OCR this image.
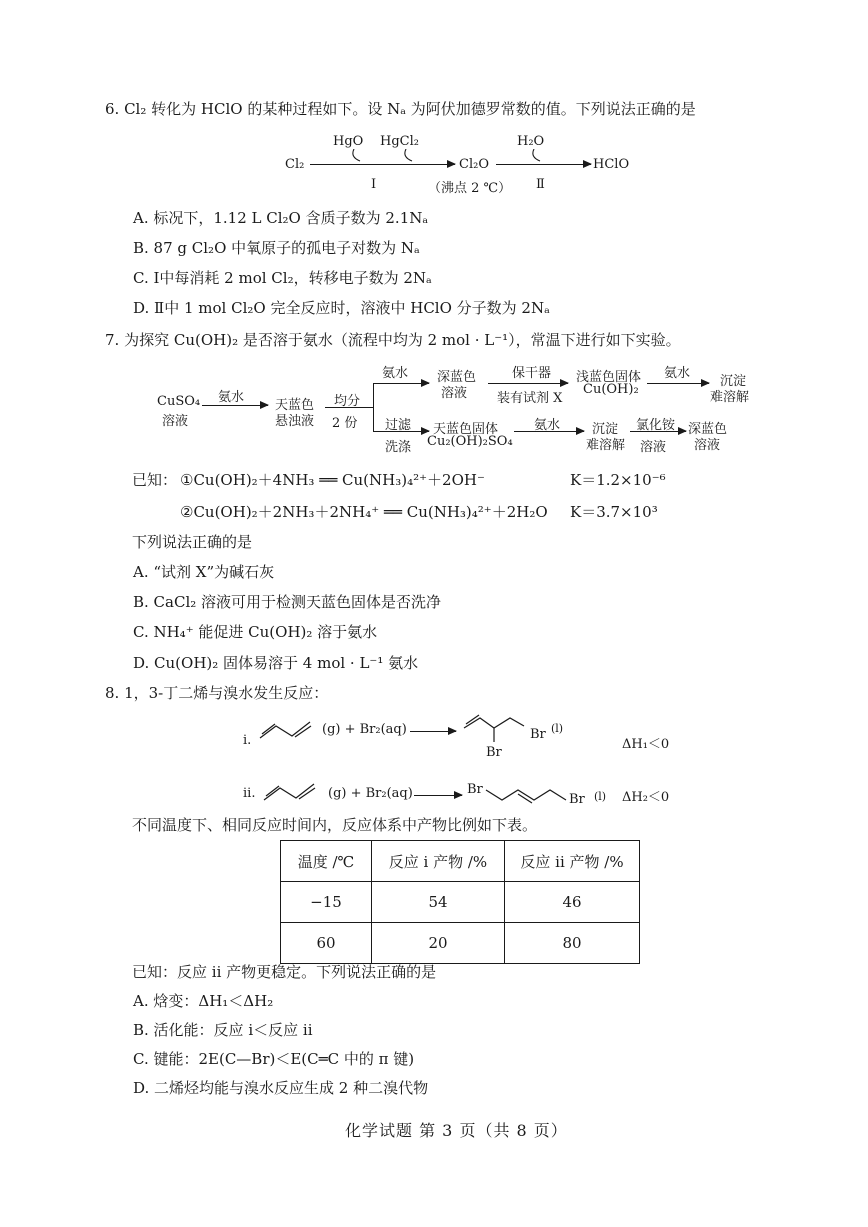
6. Cl₂ 转化为 HClO 的某种过程如下。设 Nₐ 为阿伏加德罗常数的值。下列说法正确的是
Cl₂
HgO HgCl₂
Ⅰ
Cl₂O
（沸点 2 ℃）
H₂O
Ⅱ
HClO
A. 标况下，1.12 L Cl₂O 含质子数为 2.1Nₐ
B. 87 g Cl₂O 中氧原子的孤电子对数为 Nₐ
C. Ⅰ中每消耗 2 mol Cl₂，转移电子数为 2Nₐ
D. Ⅱ中 1 mol Cl₂O 完全反应时，溶液中 HClO 分子数为 2Nₐ
7. 为探究 Cu(OH)₂ 是否溶于氨水（流程中均为 2 mol · L⁻¹），常温下进行如下实验。
CuSO₄
溶液
氨水
天蓝色
悬浊液
均分
2 份
氨水 深蓝色
溶液
保干器
装有试剂 X
浅蓝色固体
Cu(OH)₂
氨水
沉淀
难溶解
过滤
洗涤
天蓝色固体
Cu₂(OH)₂SO₄
氨水 沉淀
难溶解
氯化铵
溶液
深蓝色
溶液
已知： ①Cu(OH)₂＋4NH₃ ══ Cu(NH₃)₄²⁺＋2OH⁻	K＝1.2×10⁻⁶
②Cu(OH)₂＋2NH₃＋2NH₄⁺ ══ Cu(NH₃)₄²⁺＋2H₂O K＝3.7×10³
下列说法正确的是
A. “试剂 X”为碱石灰
B. CaCl₂ 溶液可用于检测天蓝色固体是否洗净
C. NH₄⁺ 能促进 Cu(OH)₂ 溶于氨水
D. Cu(OH)₂ 固体易溶于 4 mol · L⁻¹ 氨水
8. 1，3-丁二烯与溴水发生反应：
i.
(g) + Br₂(aq)	Br (l)
Br
ΔH₁＜0
ii.	(g) + Br₂(aq)	Br
Br (l) ΔH₂＜0
不同温度下、相同反应时间内，反应体系中产物比例如下表。
温度 /℃	反应 i 产物 /%	反应 ii 产物 /%
−15	54	46
60	20	80
已知：反应 ii 产物更稳定。下列说法正确的是
A. 焓变：ΔH₁＜ΔH₂
B. 活化能：反应 i＜反应 ii
C. 键能：2E(C—Br)＜E(C═C 中的 π 键)
D. 二烯烃均能与溴水反应生成 2 种二溴代物
化学试题 第 3 页（共 8 页）
